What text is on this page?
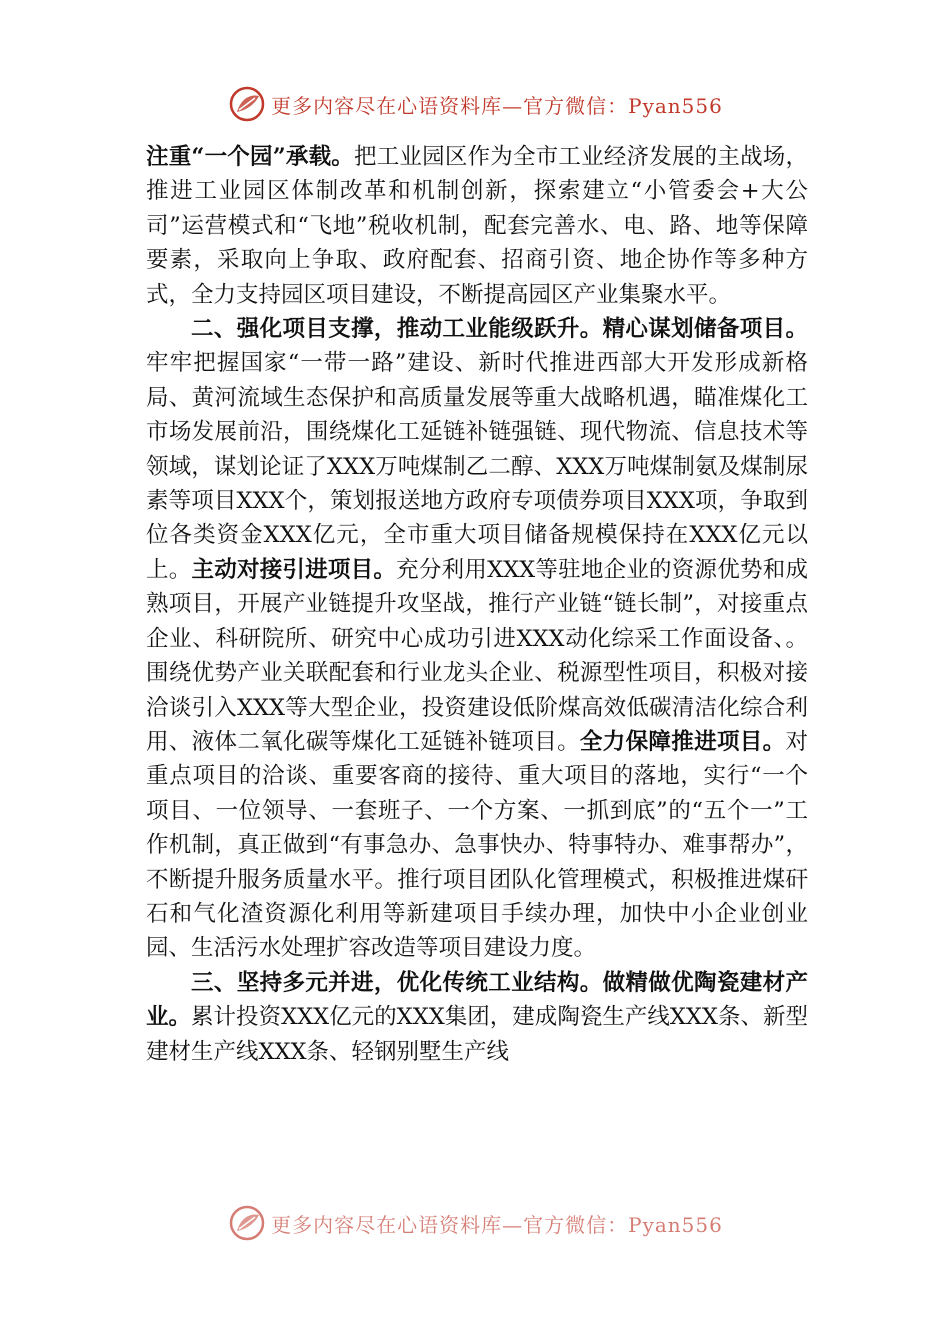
更多内容尽在心语资料库—官方微信：Pyan556

注重“一个园”承载。把工业园区作为全市工业经济发展的主战场，推进工业园区体制改革和机制创新，探索建立“小管委会+大公司”运营模式和“飞地”税收机制，配套完善水、电、路、地等保障要素，采取向上争取、政府配套、招商引资、地企协作等多种方式，全力支持园区项目建设，不断提高园区产业集聚水平。

二、强化项目支撑，推动工业能级跃升。精心谋划储备项目。牢牢把握国家“一带一路”建设、新时代推进西部大开发形成新格局、黄河流域生态保护和高质量发展等重大战略机遇，瞄准煤化工市场发展前沿，围绕煤化工延链补链强链、现代物流、信息技术等领域，谋划论证了XXX万吨煤制乙二醇、XXX万吨煤制氨及煤制尿素等项目XXX个，策划报送地方政府专项债券项目XXX项，争取到位各类资金XXX亿元，全市重大项目储备规模保持在XXX亿元以上。主动对接引进项目。充分利用XXX等驻地企业的资源优势和成熟项目，开展产业链提升攻坚战，推行产业链“链长制”，对接重点企业、科研院所、研究中心成功引进XXX动化综采工作面设备、。围绕优势产业关联配套和行业龙头企业、税源型性项目，积极对接洽谈引入XXX等大型企业，投资建设低阶煤高效低碳清洁化综合利用、液体二氧化碳等煤化工延链补链项目。全力保障推进项目。对重点项目的洽谈、重要客商的接待、重大项目的落地，实行“一个项目、一位领导、一套班子、一个方案、一抓到底”的“五个一”工作机制，真正做到“有事急办、急事快办、特事特办、难事帮办”，不断提升服务质量水平。推行项目团队化管理模式，积极推进煤矸石和气化渣资源化利用等新建项目手续办理，加快中小企业创业园、生活污水处理扩容改造等项目建设力度。

三、坚持多元并进，优化传统工业结构。做精做优陶瓷建材产业。累计投资XXX亿元的XXX集团，建成陶瓷生产线XXX条、新型建材生产线XXX条、轻钢别墅生产线

更多内容尽在心语资料库—官方微信：Pyan556
